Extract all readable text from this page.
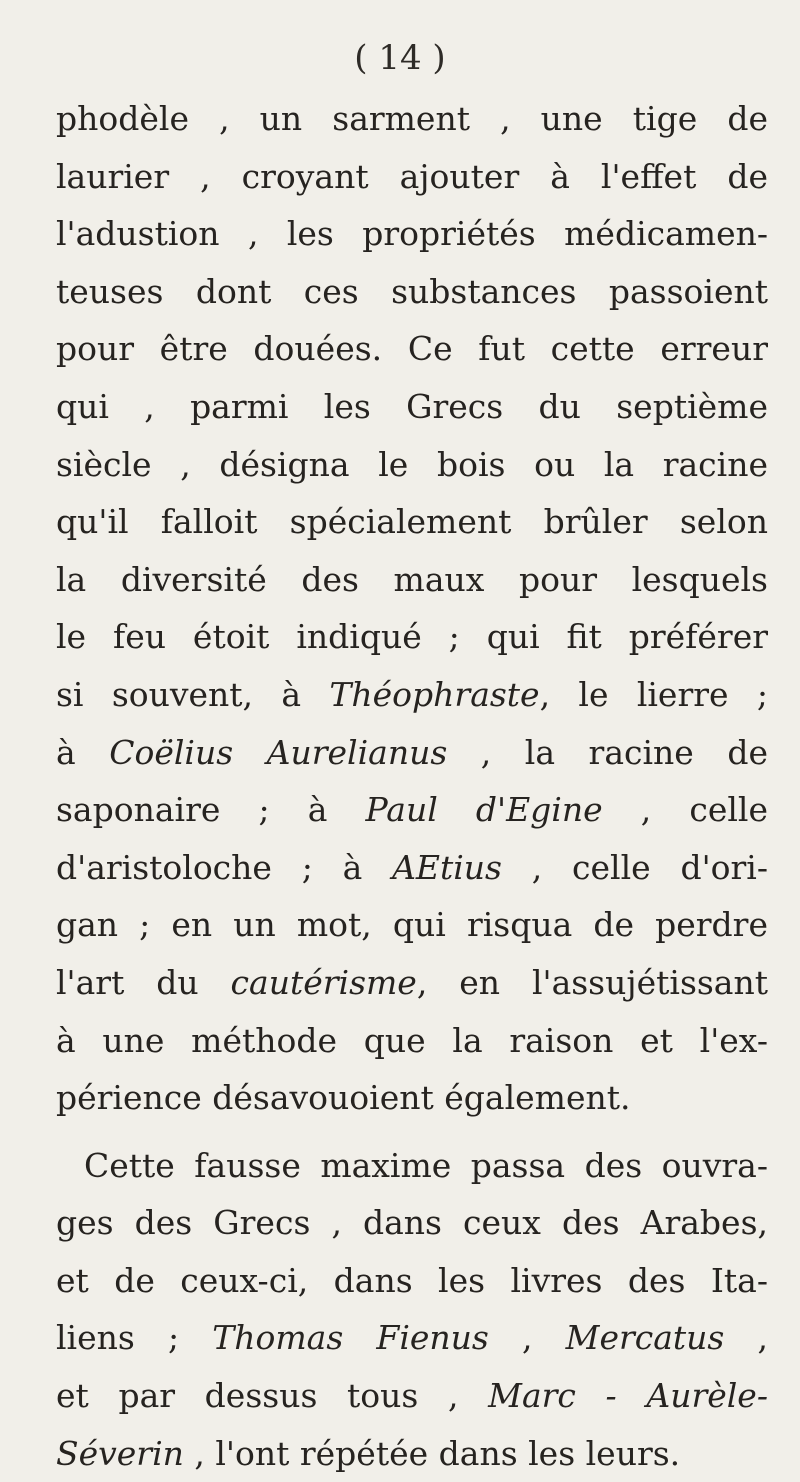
( 14 )
phodèle , un sarment , une tige de
laurier , croyant ajouter à l'effet de
l'adustion , les propriétés médicamen-
teuses dont ces substances passoient
pour être douées. Ce fut cette erreur
qui , parmi les Grecs du septième
siècle , désigna le bois ou la racine
qu'il falloit spécialement brûler selon
la diversité des maux pour lesquels
le feu étoit indiqué ; qui fit préférer
si souvent, à Théophraste, le lierre ;
à Coëlius Aurelianus , la racine de
saponaire ; à Paul d'Egine , celle
d'aristoloche ; à AEtius , celle d'ori-
gan ; en un mot, qui risqua de perdre
l'art du cautérisme, en l'assujétissant
à une méthode que la raison et l'ex-
périence désavouoient également.
Cette fausse maxime passa des ouvra-
ges des Grecs , dans ceux des Arabes,
et de ceux-ci, dans les livres des Ita-
liens ; Thomas Fienus , Mercatus ,
et par dessus tous , Marc - Aurèle-
Séverin , l'ont répétée dans les leurs.
